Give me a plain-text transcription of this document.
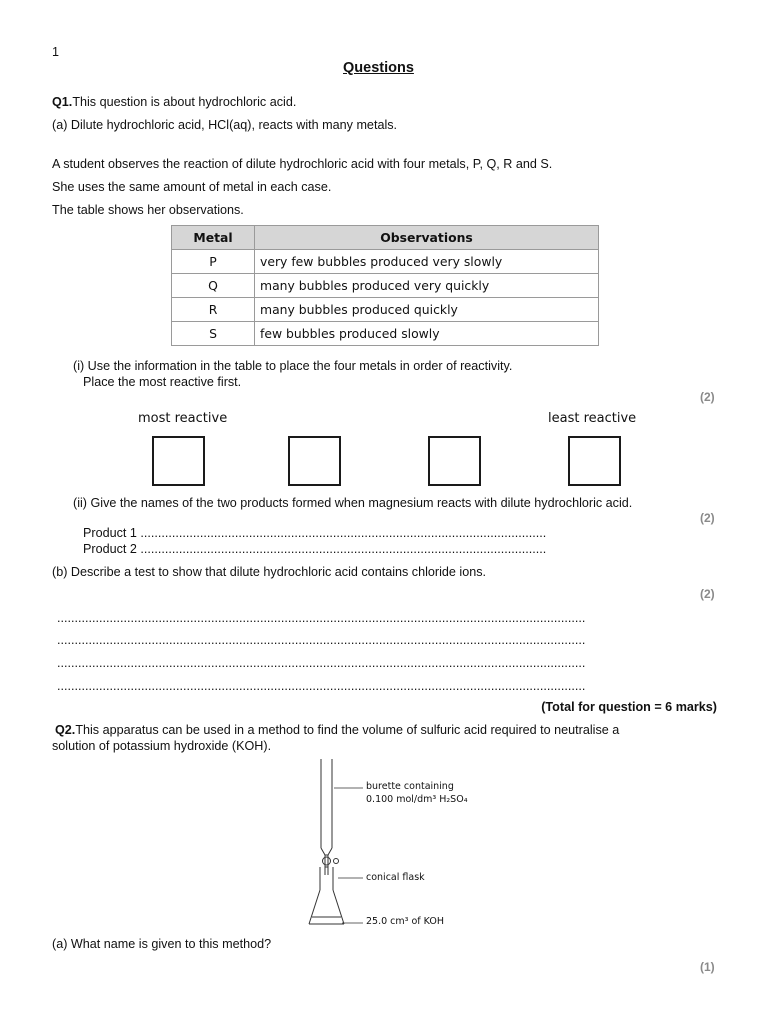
1
Questions
Q1.This question is about hydrochloric acid.
(a) Dilute hydrochloric acid, HCl(aq), reacts with many metals.
A student observes the reaction of dilute hydrochloric acid with four metals, P, Q, R and S.
She uses the same amount of metal in each case.
The table shows her observations.
Metal	Observations
P	very few bubbles produced very slowly
Q	many bubbles produced very quickly
R	many bubbles produced quickly
S	few bubbles produced slowly
(i) Use the information in the table to place the four metals in order of reactivity.
Place the most reactive first.
(2)
most reactive	least reactive
(ii) Give the names of the two products formed when magnesium reacts with dilute hydrochloric acid.
(2)
Product 1 ....................................................................................................................
Product 2 ....................................................................................................................
(b) Describe a test to show that dilute hydrochloric acid contains chloride ions.
(2)
.......................................................................................................................................................
.......................................................................................................................................................
.......................................................................................................................................................
.......................................................................................................................................................
(Total for question = 6 marks)
Q2.This apparatus can be used in a method to find the volume of sulfuric acid required to neutralise a
solution of potassium hydroxide (KOH).
burette containing
0.100 mol/dm³ H₂SO₄
conical flask
25.0 cm³ of KOH
(a) What name is given to this method?
(1)
